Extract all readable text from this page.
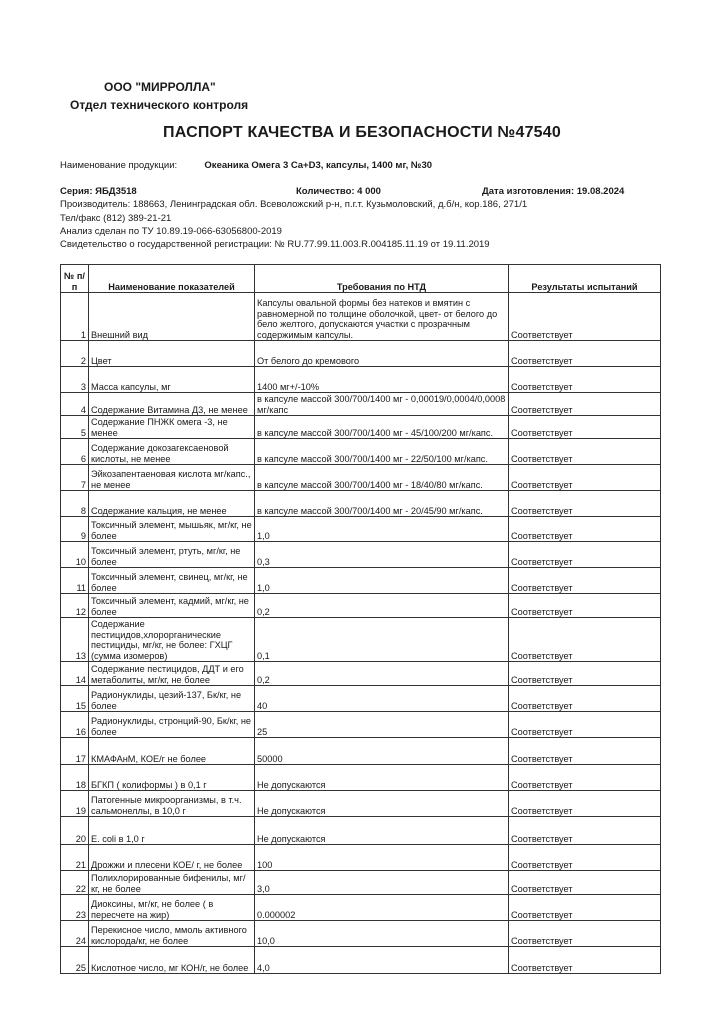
ООО "МИРРОЛЛА"
Отдел технического контроля
ПАСПОРТ КАЧЕСТВА И БЕЗОПАСНОСТИ №47540
Наименование продукции:	Океаника Омега 3 Ca+D3, капсулы, 1400 мг, №30
Серия: ЯБД3518	Количество: 4 000	Дата изготовления: 19.08.2024
Производитель: 188663, Ленинградская обл. Всеволожский р-н, п.г.т. Кузьмоловский, д.б/н, кор.186, 271/1
Тел/факс (812) 389-21-21
Анализ сделан по ТУ 10.89.19-066-63056800-2019
Свидетельство о государственной регистрации: № RU.77.99.11.003.R.004185.11.19 от 19.11.2019
№ п/п	Наименование показателей	Требования по НТД	Результаты испытаний
1	Внешний вид	Капсулы овальной формы без натеков и вмятин с равномерной по толщине оболочкой, цвет- от белого до бело желтого, допускаются участки с прозрачным содержимым капсулы.	Соответствует
2	Цвет	От белого до кремового	Соответствует
3	Масса капсулы, мг	1400 мг+/-10%	Соответствует
4	Содержание Витамина Д3, не менее	в капсуле массой 300/700/1400 мг - 0,00019/0,0004/0,0008 мг/капс	Соответствует
5	Содержание ПНЖК омега -3, не менее	в капсуле массой 300/700/1400 мг - 45/100/200 мг/капс.	Соответствует
6	Содержание докозагексаеновой кислоты, не менее	в капсуле массой 300/700/1400 мг - 22/50/100 мг/капс.	Соответствует
7	Эйкозапентаеновая кислота мг/капс., не менее	в капсуле массой 300/700/1400 мг - 18/40/80 мг/капс.	Соответствует
8	Содержание кальция, не менее	в капсуле массой 300/700/1400 мг - 20/45/90 мг/капс.	Соответствует
9	Токсичный элемент, мышьяк, мг/кг, не более	1,0	Соответствует
10	Токсичный элемент, ртуть, мг/кг, не более	0,3	Соответствует
11	Токсичный элемент, свинец, мг/кг, не более	1,0	Соответствует
12	Токсичный элемент, кадмий, мг/кг, не более	0,2	Соответствует
13	Содержание пестицидов,хлорорганические пестициды, мг/кг, не более: ГХЦГ (сумма изомеров)	0,1	Соответствует
14	Содержание пестицидов, ДДТ и его метаболиты, мг/кг, не более	0,2	Соответствует
15	Радионуклиды, цезий-137, Бк/кг, не более	40	Соответствует
16	Радионуклиды, стронций-90, Бк/кг, не более	25	Соответствует
17	КМАФАнМ, КОЕ/г не более	50000	Соответствует
18	БГКП ( колиформы ) в 0,1 г	Не допускаются	Соответствует
19	Патогенные микроорганизмы, в т.ч. сальмонеллы, в 10,0 г	Не допускаются	Соответствует
20	E. coli в 1,0 г	Не допускаются	Соответствует
21	Дрожжи и плесени КОЕ/ г, не более	100	Соответствует
22	Полихлорированные бифенилы, мг/кг, не более	3,0	Соответствует
23	Диоксины, мг/кг, не более ( в пересчете на жир)	0.000002	Соответствует
24	Перекисное число, ммоль активного кислорода/кг, не более	10,0	Соответствует
25	Кислотное число, мг КОН/г, не более	4,0	Соответствует
